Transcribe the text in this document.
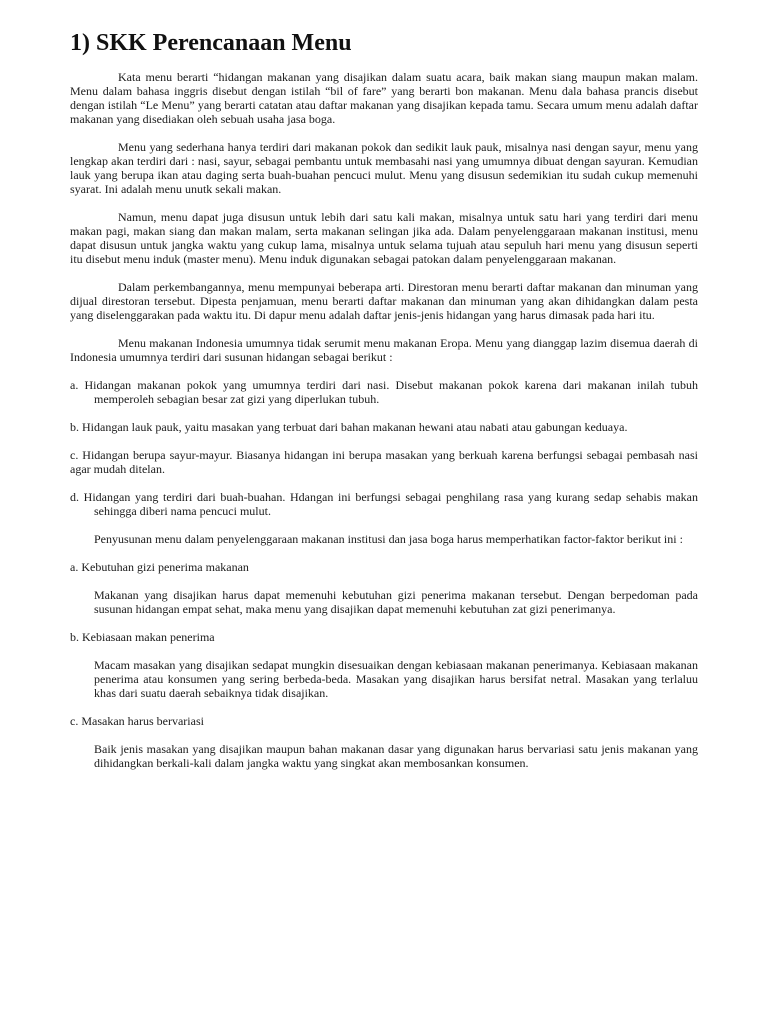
1) SKK Perencanaan Menu

Kata menu berarti “hidangan makanan yang disajikan dalam suatu acara, baik makan siang maupun makan malam. Menu dalam bahasa inggris disebut dengan istilah “bil of fare” yang berarti bon makanan. Menu dala bahasa prancis disebut dengan istilah “Le Menu” yang berarti catatan atau daftar makanan yang disajikan kepada tamu. Secara umum menu adalah daftar makanan yang disediakan oleh sebuah usaha jasa boga.

Menu yang sederhana hanya terdiri dari makanan pokok dan sedikit lauk pauk, misalnya nasi dengan sayur, menu yang lengkap akan terdiri dari : nasi, sayur, sebagai pembantu untuk membasahi nasi yang umumnya dibuat dengan sayuran. Kemudian lauk yang berupa ikan atau daging serta buah-buahan pencuci mulut. Menu yang disusun sedemikian itu sudah cukup memenuhi syarat. Ini adalah menu unutk sekali makan.

Namun, menu dapat juga disusun untuk lebih dari satu kali makan, misalnya untuk satu hari yang terdiri dari menu makan pagi, makan siang dan makan malam, serta makanan selingan jika ada. Dalam penyelenggaraan makanan institusi, menu dapat disusun untuk jangka waktu yang cukup lama, misalnya untuk selama tujuah atau sepuluh hari menu yang disusun seperti itu disebut menu induk (master menu). Menu induk digunakan sebagai patokan dalam penyelenggaraan makanan.

Dalam perkembangannya, menu mempunyai beberapa arti. Direstoran menu berarti daftar makanan dan minuman yang dijual direstoran tersebut. Dipesta penjamuan, menu berarti daftar makanan dan minuman yang akan dihidangkan dalam pesta yang diselenggarakan pada waktu itu. Di dapur menu adalah daftar jenis-jenis hidangan yang harus dimasak pada hari itu.

Menu makanan Indonesia umumnya tidak serumit menu makanan Eropa. Menu yang dianggap lazim disemua daerah di Indonesia umumnya terdiri dari susunan hidangan sebagai berikut :

a. Hidangan makanan pokok yang umumnya terdiri dari nasi. Disebut makanan pokok karena dari makanan inilah tubuh memperoleh sebagian besar zat gizi yang diperlukan tubuh.

b. Hidangan lauk pauk, yaitu masakan yang terbuat dari bahan makanan hewani atau nabati atau gabungan keduaya.

c. Hidangan berupa sayur-mayur. Biasanya hidangan ini berupa masakan yang berkuah karena berfungsi sebagai pembasah nasi agar mudah ditelan.

d. Hidangan yang terdiri dari buah-buahan. Hdangan ini berfungsi sebagai penghilang rasa yang kurang sedap sehabis makan sehingga diberi nama pencuci mulut.

Penyusunan menu dalam penyelenggaraan makanan institusi dan jasa boga harus memperhatikan factor-faktor berikut ini :

a. Kebutuhan gizi penerima makanan

Makanan yang disajikan harus dapat memenuhi kebutuhan gizi penerima makanan tersebut. Dengan berpedoman pada susunan hidangan empat sehat, maka menu yang disajikan dapat memenuhi kebutuhan zat gizi penerimanya.

b. Kebiasaan makan penerima

Macam masakan yang disajikan sedapat mungkin disesuaikan dengan kebiasaan makanan penerimanya. Kebiasaan makanan penerima atau konsumen yang sering berbeda-beda. Masakan yang disajikan harus bersifat netral. Masakan yang terlaluu khas dari suatu daerah sebaiknya tidak disajikan.

c. Masakan harus bervariasi

Baik jenis masakan yang disajikan maupun bahan makanan dasar yang digunakan harus bervariasi satu jenis makanan yang dihidangkan berkali-kali dalam jangka waktu yang singkat akan membosankan konsumen.
